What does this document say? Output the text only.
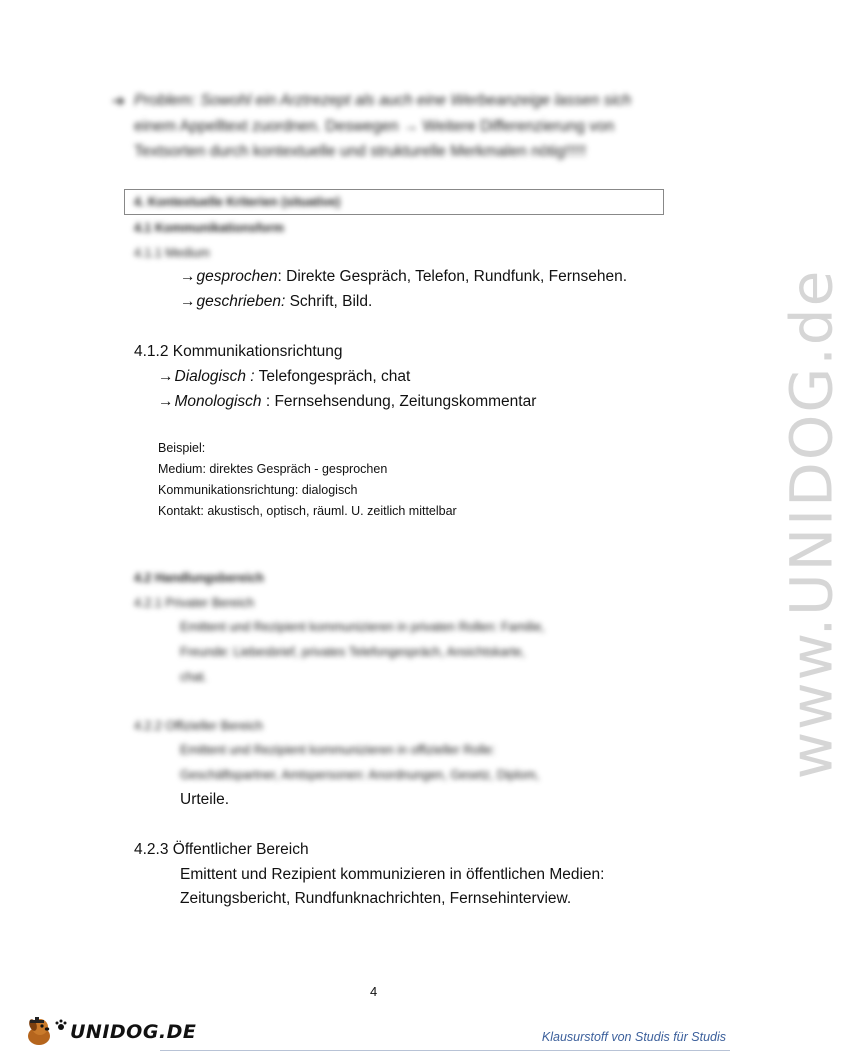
www.UNIDOG.de
➔ Problem: Sowohl ein Arztrezept als auch eine Werbeanzeige lassen sich
einem Appelltext zuordnen. Deswegen → Weitere Differenzierung von
Textsorten durch kontextuelle und strukturelle Merkmalen nötig!!!!!
4. Kontextuelle Kriterien (situative)
4.1 Kommunikationsform
4.1.1 Medium
→gesprochen: Direkte Gespräch, Telefon, Rundfunk, Fernsehen.
→geschrieben: Schrift, Bild.
4.1.2 Kommunikationsrichtung
→Dialogisch : Telefongespräch, chat
→Monologisch : Fernsehsendung, Zeitungskommentar
Beispiel:
Medium: direktes Gespräch - gesprochen
Kommunikationsrichtung: dialogisch
Kontakt: akustisch, optisch, räuml. U. zeitlich mittelbar
4.2 Handlungsbereich
4.2.1 Privater Bereich
Emittent und Rezipient kommunizieren in privaten Rollen: Familie,
Freunde: Liebesbrief, privates Telefongespräch, Ansichtskarte,
chat.
4.2.2 Offizieller Bereich
Emittent und Rezipient kommunizieren in offizieller Rolle:
Geschäftspartner, Amtspersonen: Anordnungen, Gesetz, Diplom,
Urteile.
4.2.3 Öffentlicher Bereich
Emittent und Rezipient kommunizieren in öffentlichen Medien:
Zeitungsbericht, Rundfunknachrichten, Fernsehinterview.
4
UNIDOG.DE	Klausurstoff von Studis für Studis
